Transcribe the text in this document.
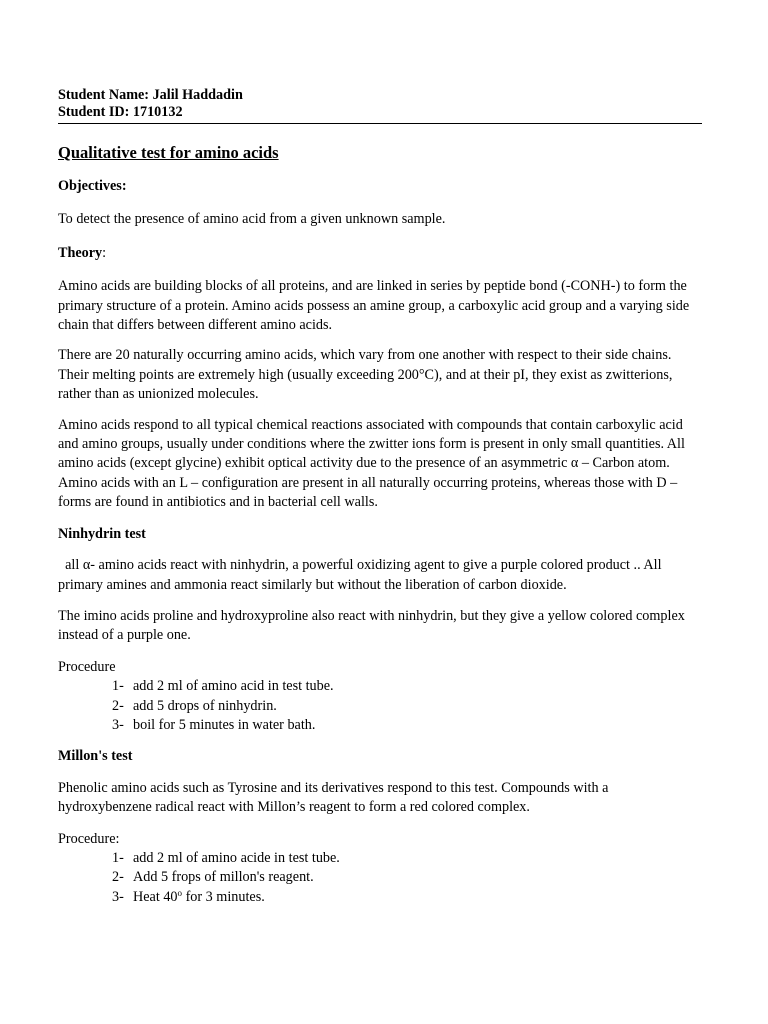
Student Name: Jalil Haddadin
Student ID: 1710132
Qualitative test for amino acids

Objectives:

To detect the presence of amino acid from a given unknown sample.

Theory:

Amino acids are building blocks of all proteins, and are linked in series by peptide bond (-CONH-) to form the primary structure of a protein. Amino acids possess an amine group, a carboxylic acid group and a varying side chain that differs between different amino acids.

There are 20 naturally occurring amino acids, which vary from one another with respect to their side chains. Their melting points are extremely high (usually exceeding 200°C), and at their pI, they exist as zwitterions, rather than as unionized molecules.

Amino acids respond to all typical chemical reactions associated with compounds that contain carboxylic acid and amino groups, usually under conditions where the zwitter ions form is present in only small quantities. All amino acids (except glycine) exhibit optical activity due to the presence of an asymmetric α – Carbon atom. Amino acids with an L – configuration are present in all naturally occurring proteins, whereas those with D – forms are found in antibiotics and in bacterial cell walls.

Ninhydrin test

all α- amino acids react with ninhydrin, a powerful oxidizing agent to give a purple colored product .. All primary amines and ammonia react similarly but without the liberation of carbon dioxide.

The imino acids proline and hydroxyproline also react with ninhydrin, but they give a yellow colored complex instead of a purple one.

Procedure

1- add 2 ml of amino acid in test tube.
2- add 5 drops of ninhydrin.
3- boil for 5 minutes in water bath.

Millon's test

Phenolic amino acids such as Tyrosine and its derivatives respond to this test. Compounds with a hydroxybenzene radical react with Millon’s reagent to form a red colored complex.

Procedure:

1- add 2 ml of amino acide in test tube.
2- Add 5 frops of millon's reagent.
3- Heat 40$^o$ for 3 minutes.
